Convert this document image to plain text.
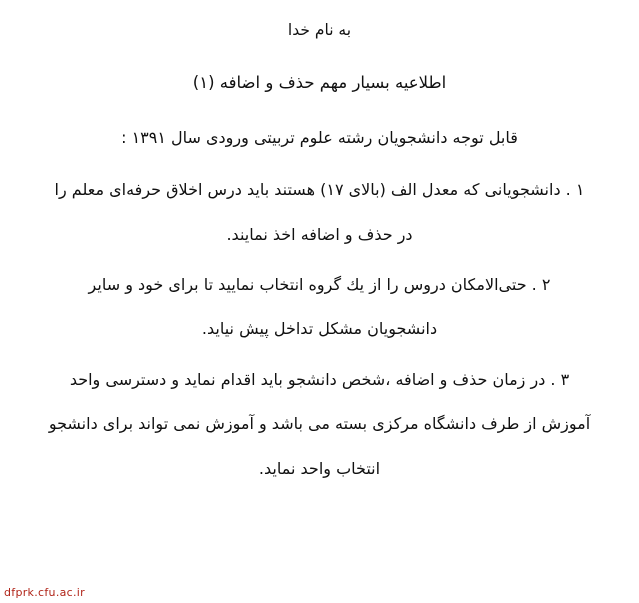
به نام خدا

اطلاعیه بسیار مهم حذف و اضافه (۱)

قابل توجه دانشجویان رشته علوم تربیتی ورودی سال ۱۳۹۱ :

۱ . دانشجویانی که معدل الف (بالای ۱۷) هستند باید درس اخلاق حرفه‌ای معلم را

در حذف و اضافه اخذ نمایند.

۲ . حتی‌الامکان دروس را از یك گروه انتخاب نمایید تا برای خود و سایر

دانشجویان مشکل تداخل پیش نیاید.

۳ . در زمان حذف و اضافه ،شخص دانشجو باید اقدام نماید و دسترسی واحد

آموزش از طرف دانشگاه مرکزی بسته می باشد و آموزش نمی تواند برای دانشجو

انتخاب واحد نماید.

dfprk.cfu.ac.ir
